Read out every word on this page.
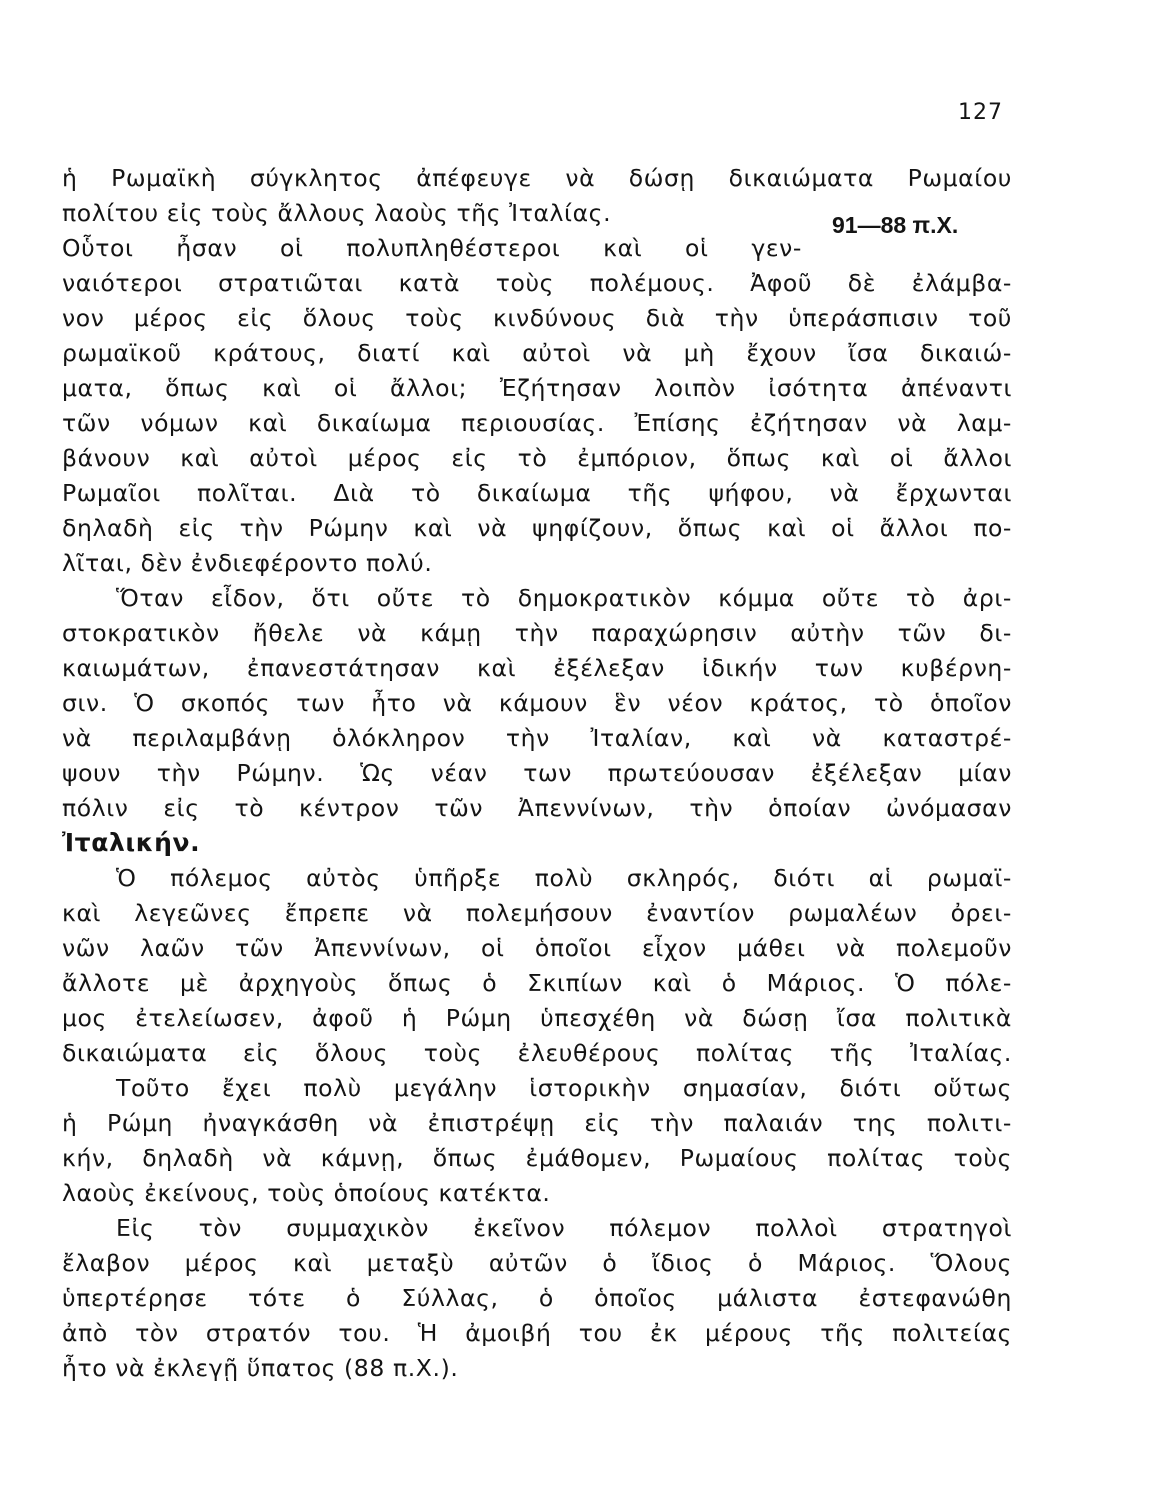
127
91—88 π.Χ.
ἡ Ρωμαϊκὴ σύγκλητος ἀπέφευγε νὰ δώσῃ δικαιώματα Ρωμαίου
πολίτου εἰς τοὺς ἄλλους λαοὺς τῆς Ἰταλίας.
Οὗτοι ἦσαν οἱ πολυπληθέστεροι καὶ οἱ γεν-
ναιότεροι στρατιῶται κατὰ τοὺς πολέμους. Ἀφοῦ δὲ ἐλάμβα-
νον μέρος εἰς ὅλους τοὺς κινδύνους διὰ τὴν ὑπεράσπισιν τοῦ
ρωμαϊκοῦ κράτους, διατί καὶ αὐτοὶ νὰ μὴ ἔχουν ἴσα δικαιώ-
ματα, ὅπως καὶ οἱ ἄλλοι; Ἐζήτησαν λοιπὸν ἰσότητα ἀπέναντι
τῶν νόμων καὶ δικαίωμα περιουσίας. Ἐπίσης ἐζήτησαν νὰ λαμ-
βάνουν καὶ αὐτοὶ μέρος εἰς τὸ ἐμπόριον, ὅπως καὶ οἱ ἄλλοι
Ρωμαῖοι πολῖται. Διὰ τὸ δικαίωμα τῆς ψήφου, νὰ ἔρχωνται
δηλαδὴ εἰς τὴν Ρώμην καὶ νὰ ψηφίζουν, ὅπως καὶ οἱ ἄλλοι πο-
λῖται, δὲν ἐνδιεφέροντο πολύ.
Ὅταν εἶδον, ὅτι οὔτε τὸ δημοκρατικὸν κόμμα οὔτε τὸ ἀρι-
στοκρατικὸν ἤθελε νὰ κάμῃ τὴν παραχώρησιν αὐτὴν τῶν δι-
καιωμάτων, ἐπανεστάτησαν καὶ ἐξέλεξαν ἰδικήν των κυβέρνη-
σιν. Ὁ σκοπός των ἦτο νὰ κάμουν ἓν νέον κράτος, τὸ ὁποῖον
νὰ περιλαμβάνῃ ὁλόκληρον τὴν Ἰταλίαν, καὶ νὰ καταστρέ-
ψουν τὴν Ρώμην. Ὡς νέαν των πρωτεύουσαν ἐξέλεξαν μίαν
πόλιν εἰς τὸ κέντρον τῶν Ἀπεννίνων, τὴν ὁποίαν ὠνόμασαν
Ἰταλικήν.
Ὁ πόλεμος αὐτὸς ὑπῆρξε πολὺ σκληρός, διότι αἱ ρωμαϊ-
καὶ λεγεῶνες ἔπρεπε νὰ πολεμήσουν ἐναντίον ρωμαλέων ὀρει-
νῶν λαῶν τῶν Ἀπεννίνων, οἱ ὁποῖοι εἶχον μάθει νὰ πολεμοῦν
ἄλλοτε μὲ ἀρχηγοὺς ὅπως ὁ Σκιπίων καὶ ὁ Μάριος. Ὁ πόλε-
μος ἐτελείωσεν, ἀφοῦ ἡ Ρώμη ὑπεσχέθη νὰ δώσῃ ἴσα πολιτικὰ
δικαιώματα εἰς ὅλους τοὺς ἐλευθέρους πολίτας τῆς Ἰταλίας.
Τοῦτο ἔχει πολὺ μεγάλην ἱστορικὴν σημασίαν, διότι οὕτως
ἡ Ρώμη ἠναγκάσθη νὰ ἐπιστρέψῃ εἰς τὴν παλαιάν της πολιτι-
κήν, δηλαδὴ νὰ κάμνῃ, ὅπως ἐμάθομεν, Ρωμαίους πολίτας τοὺς
λαοὺς ἐκείνους, τοὺς ὁποίους κατέκτα.
Εἰς τὸν συμμαχικὸν ἐκεῖνον πόλεμον πολλοὶ στρατηγοὶ
ἔλαβον μέρος καὶ μεταξὺ αὐτῶν ὁ ἴδιος ὁ Μάριος. Ὅλους
ὑπερτέρησε τότε ὁ Σύλλας, ὁ ὁποῖος μάλιστα ἐστεφανώθη
ἀπὸ τὸν στρατόν του. Ἡ ἀμοιβή του ἐκ μέρους τῆς πολιτείας
ἦτο νὰ ἐκλεγῇ ὕπατος (88 π.Χ.).
